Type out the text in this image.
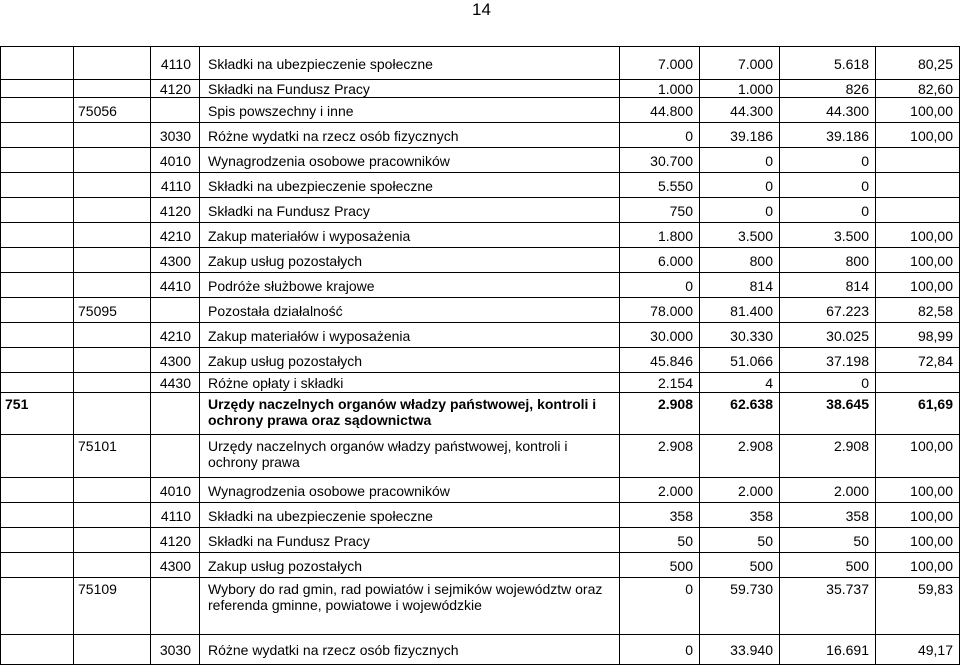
14
		4110	Składki na ubezpieczenie społeczne	7.000	7.000	5.618	80,25
		4120	Składki na Fundusz Pracy	1.000	1.000	826	82,60
	75056		Spis powszechny i inne	44.800	44.300	44.300	100,00
		3030	Różne wydatki na rzecz osób fizycznych	0	39.186	39.186	100,00
		4010	Wynagrodzenia osobowe pracowników	30.700	0	0	
		4110	Składki na ubezpieczenie społeczne	5.550	0	0	
		4120	Składki na Fundusz Pracy	750	0	0	
		4210	Zakup materiałów i wyposażenia	1.800	3.500	3.500	100,00
		4300	Zakup usług pozostałych	6.000	800	800	100,00
		4410	Podróże służbowe krajowe	0	814	814	100,00
	75095		Pozostała działalność	78.000	81.400	67.223	82,58
		4210	Zakup materiałów i wyposażenia	30.000	30.330	30.025	98,99
		4300	Zakup usług pozostałych	45.846	51.066	37.198	72,84
		4430	Różne opłaty i składki	2.154	4	0	
751			Urzędy naczelnych organów władzy państwowej, kontroli i ochrony prawa oraz sądownictwa	2.908	62.638	38.645	61,69
	75101		Urzędy naczelnych organów władzy państwowej, kontroli i ochrony prawa	2.908	2.908	2.908	100,00
		4010	Wynagrodzenia osobowe pracowników	2.000	2.000	2.000	100,00
		4110	Składki na ubezpieczenie społeczne	358	358	358	100,00
		4120	Składki na Fundusz Pracy	50	50	50	100,00
		4300	Zakup usług pozostałych	500	500	500	100,00
	75109		Wybory do rad gmin, rad powiatów i sejmików województw oraz referenda gminne, powiatowe i wojewódzkie	0	59.730	35.737	59,83
		3030	Różne wydatki na rzecz osób fizycznych	0	33.940	16.691	49,17
